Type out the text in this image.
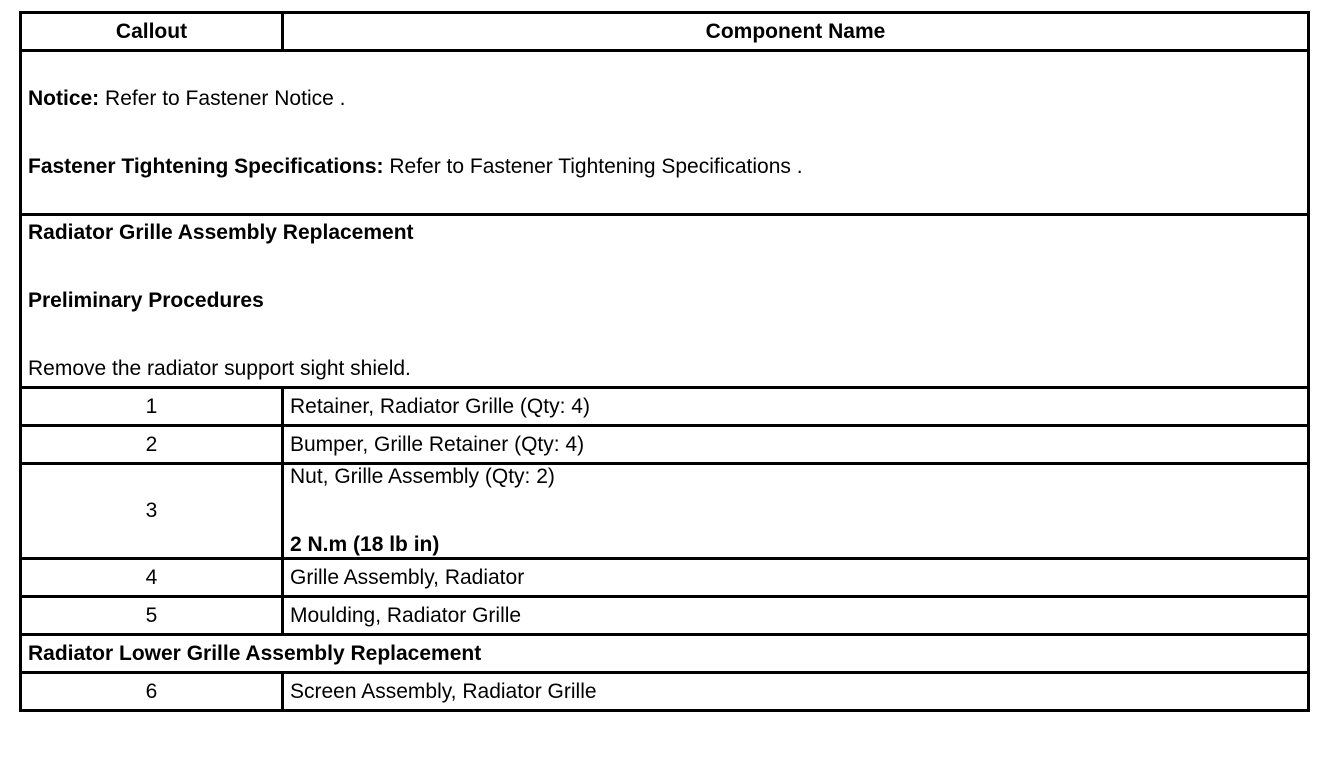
Callout	Component Name

Notice: Refer to Fastener Notice .
Fastener Tightening Specifications: Refer to Fastener Tightening Specifications .	

Radiator Grille Assembly Replacement
Preliminary Procedures
Remove the radiator support sight shield.	

1	Retainer, Radiator Grille (Qty: 4)
2	Bumper, Grille Retainer (Qty: 4)
3	Nut, Grille Assembly (Qty: 2)
2 N.m (18 lb in)

4	Grille Assembly, Radiator
5	Moulding, Radiator Grille
Radiator Lower Grille Assembly Replacement	
6	Screen Assembly, Radiator Grille
